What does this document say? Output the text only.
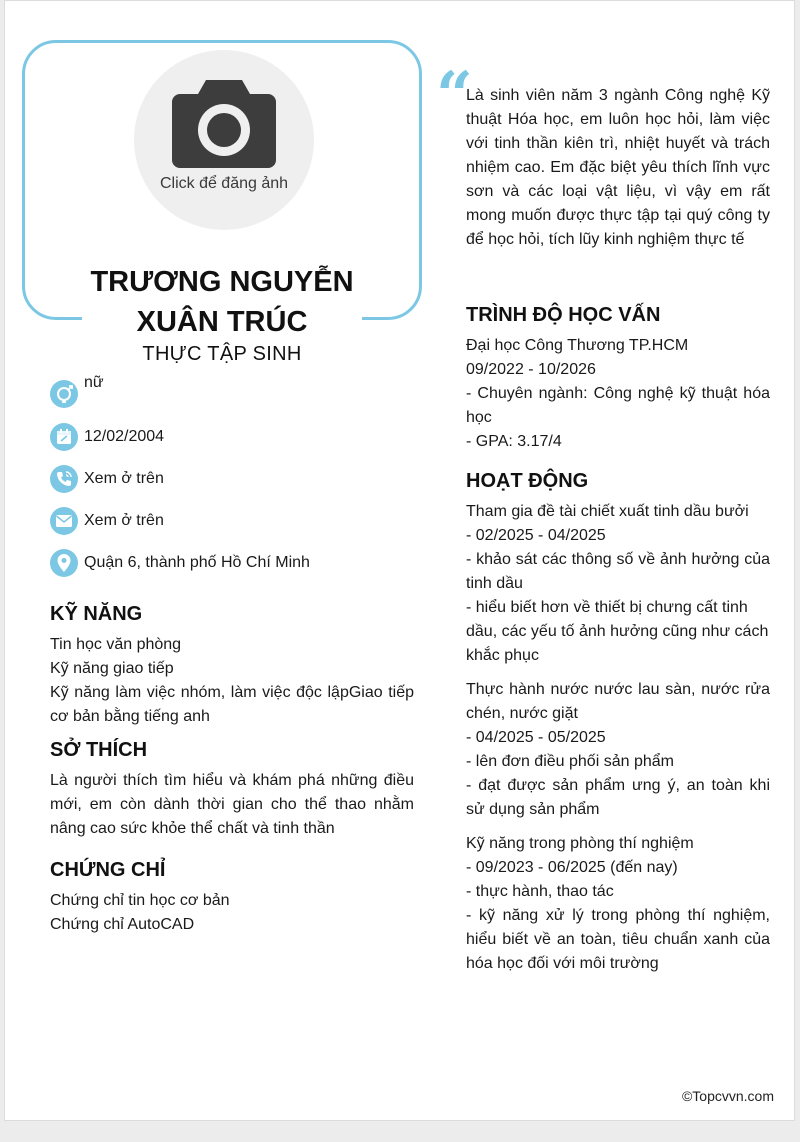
Click để đăng ảnh
TRƯƠNG NGUYỄN
XUÂN TRÚC
THỰC TẬP SINH
nữ
12/02/2004
Xem ở trên
Xem ở trên
Quận 6, thành phố Hồ Chí Minh
KỸ NĂNG

Tin học văn phòng

Kỹ năng giao tiếp

Kỹ năng làm việc nhóm, làm việc độc lậpGiao tiếp cơ bản bằng tiếng anh

SỞ THÍCH

Là người thích tìm hiểu và khám phá những điều mới, em còn dành thời gian cho thể thao nhằm nâng cao sức khỏe thể chất và tinh thần

CHỨNG CHỈ

Chứng chỉ tin học cơ bản

Chứng chỉ AutoCAD

“

Là sinh viên năm 3 ngành Công nghệ Kỹ thuật Hóa học, em luôn học hỏi, làm việc với tinh thần kiên trì, nhiệt huyết và trách nhiệm cao. Em đặc biệt yêu thích lĩnh vực sơn và các loại vật liệu, vì vậy em rất mong muốn được thực tập tại quý công ty để học hỏi, tích lũy kinh nghiệm thực tế

TRÌNH ĐỘ HỌC VẤN

Đại học Công Thương TP.HCM

09/2022 - 10/2026

- Chuyên ngành: Công nghệ kỹ thuật hóa học

- GPA: 3.17/4

HOẠT ĐỘNG

Tham gia đề tài chiết xuất tinh dầu bưởi

- 02/2025 - 04/2025

- khảo sát các thông số về ảnh hưởng của tinh dầu

- hiểu biết hơn về thiết bị chưng cất tinh dầu, các yếu tố ảnh hưởng cũng như cách khắc phục

Thực hành nước nước lau sàn, nước rửa chén, nước giặt

- 04/2025 - 05/2025

- lên đơn điều phối sản phẩm

- đạt được sản phẩm ưng ý, an toàn khi sử dụng sản phẩm

Kỹ năng trong phòng thí nghiệm

- 09/2023 - 06/2025 (đến nay)

- thực hành, thao tác

- kỹ năng xử lý trong phòng thí nghiệm, hiểu biết về an toàn, tiêu chuẩn xanh của hóa học đối với môi trường

©Topcvvn.com
